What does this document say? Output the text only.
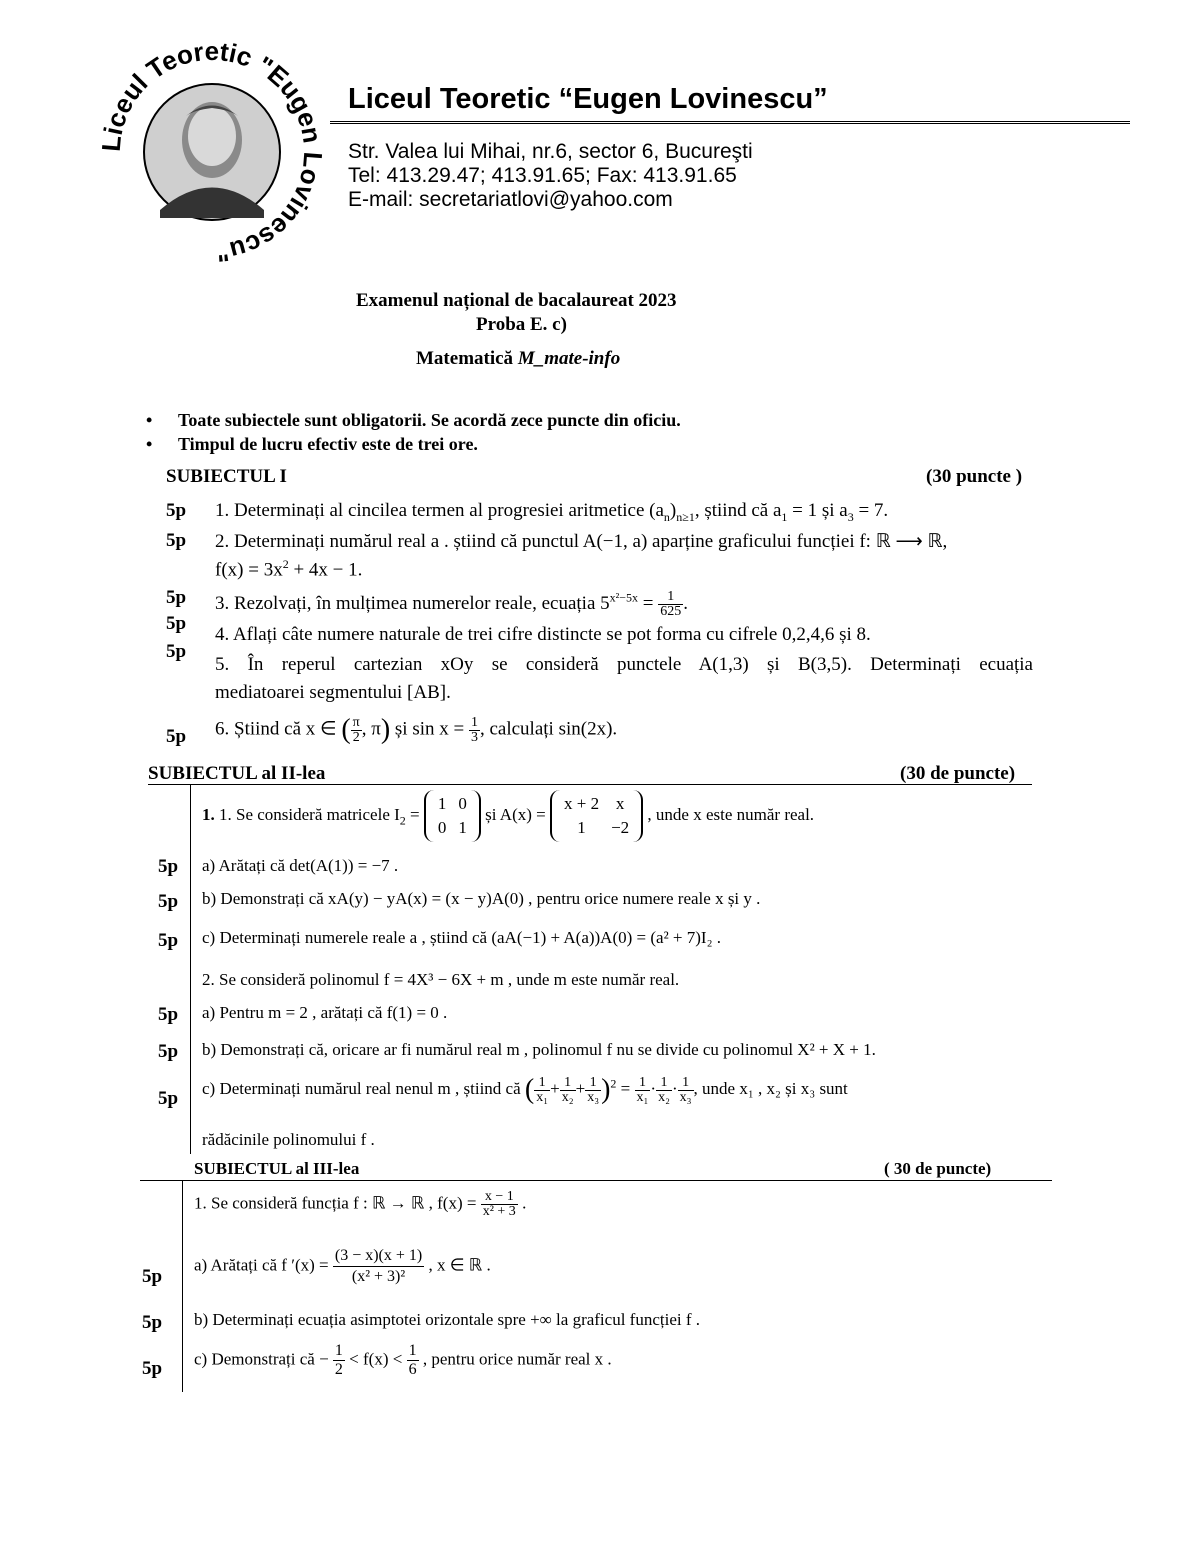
iceul Teoretic "Eugen ovinescu"
Liceul Teoretic “Eugen Lovinescu”
Str. Valea lui Mihai, nr.6, sector 6, Bucureşti
Tel: 413.29.47; 413.91.65; Fax: 413.91.65
E-mail: secretariatlovi@yahoo.com
Examenul național de bacalaureat 2023
Proba E. c)
Matematică M_mate-info
• Toate subiectele sunt obligatorii. Se acordă zece puncte din oficiu.
• Timpul de lucru efectiv este de trei ore.
SUBIECTUL I	(30 puncte )
5p 1. Determinați al cincilea termen al progresiei aritmetice $(a_n)_{n\ge 1}$, știind că $a_1 = 1$ și $a_3 = 7$.
5p 2. Determinați numărul real a . știind că punctul A(−1, a) aparține graficului funcției f: ℝ ⟶ ℝ,
$f(x) = 3x^2 + 4x - 1$.
5p 3. Rezolvați, în mulțimea numerelor reale, ecuația $5^{x^2-5x} = \frac{1}{625}$ .
5p
4. Aflați câte numere naturale de trei cifre distincte se pot forma cu cifrele 0,2,4,6 și 8.
5p
5. În reperul cartezian xOy se consideră punctele A(1,3) și B(3,5). Determinați ecuația
mediatoarei segmentului [AB].
5p 6. Știind că x ∈ ( $\frac{\pi}{2}$ , π) și $\sin x = \frac{1}{3}$ , calculați sin(2x).
SUBIECTUL al II-lea	(30 de puncte)
1. 1. Se consideră matricele $I_2$ =
1	0
0	1
și A(x) =
x + 2	x
1	−2
, unde x este număr real.
5p a) Arătați că det(A(1)) = −7 .
5p b) Demonstrați că xA(y) − yA(x) = (x − y)A(0) , pentru orice numere reale x și y .
5p c) Determinați numerele reale a , știind că (aA(−1) + A(a))A(0) = (a² + 7)I₂ .
2. Se consideră polinomul f = 4X³ − 6X + m , unde m este număr real.
5p a) Pentru m = 2 , arătați că f(1) = 0 .
5p b) Demonstrați că, oricare ar fi numărul real m , polinomul f nu se divide cu polinomul X² + X + 1.
5p c) Determinați numărul real nenul m , știind că ( $\frac{1}{\text{x₁}} + \frac{1}{\text{x₂}} + \frac{1}{\text{x₃}} )^2 = \frac{1}{\text{x₁}} \cdot \frac{1}{\text{x₂}} \cdot \frac{1}{\text{x₃}}$ , unde x₁ , x₂ și x₃ sunt
rădăcinile polinomului f .
SUBIECTUL al III-lea	( 30 de puncte)
1. Se consideră funcția f : ℝ → ℝ , $f(x) = \frac{x - 1}{\text{x² + 3}}$ .
5p
a) Arătați că f $'(x) = \frac{(3 - x)(x + 1)}{\text{(x² + 3)²}}$ , x ∈ ℝ .
5p b) Determinați ecuația asimptotei orizontale spre +∞ la graficul funcției f .
5p c) Demonstrați că − $\frac{1}{2} < f(x) < \frac{1}{6}$ , pentru orice număr real x .
